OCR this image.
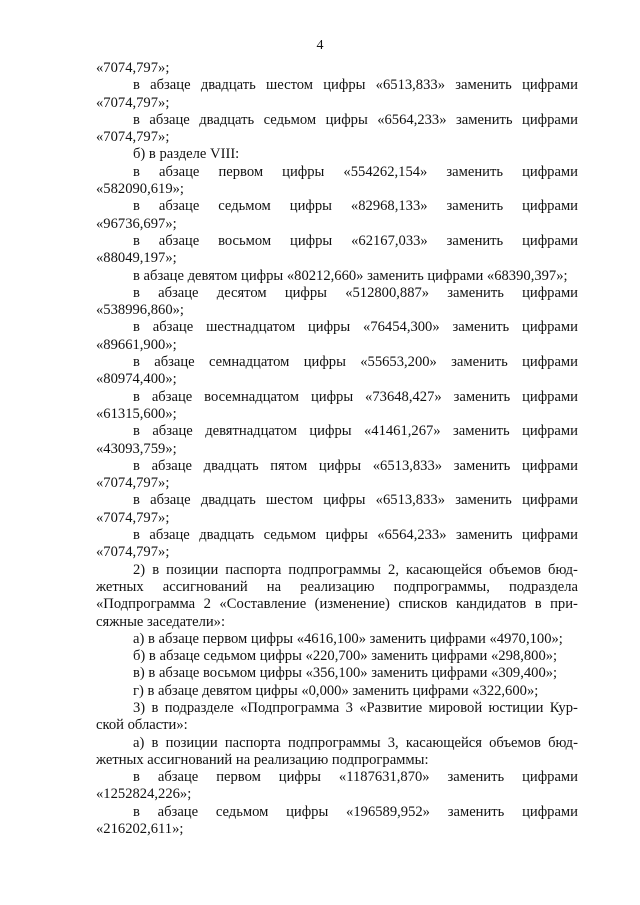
4
«7074,797»;
в абзаце двадцать шестом цифры «6513,833» заменить цифрами
«7074,797»;
в абзаце двадцать седьмом цифры «6564,233» заменить цифрами
«7074,797»;
б) в разделе VIII:
в абзаце первом цифры «554262,154» заменить цифрами
«582090,619»;
в абзаце седьмом цифры «82968,133» заменить цифрами
«96736,697»;
в абзаце восьмом цифры «62167,033» заменить цифрами
«88049,197»;
в абзаце девятом цифры «80212,660» заменить цифрами «68390,397»;
в абзаце десятом цифры «512800,887» заменить цифрами
«538996,860»;
в абзаце шестнадцатом цифры «76454,300» заменить цифрами
«89661,900»;
в абзаце семнадцатом цифры «55653,200» заменить цифрами
«80974,400»;
в абзаце восемнадцатом цифры «73648,427» заменить цифрами
«61315,600»;
в абзаце девятнадцатом цифры «41461,267» заменить цифрами
«43093,759»;
в абзаце двадцать пятом цифры «6513,833» заменить цифрами
«7074,797»;
в абзаце двадцать шестом цифры «6513,833» заменить цифрами
«7074,797»;
в абзаце двадцать седьмом цифры «6564,233» заменить цифрами
«7074,797»;
2) в позиции паспорта подпрограммы 2, касающейся объемов бюд-
жетных ассигнований на реализацию подпрограммы, подраздела
«Подпрограмма 2 «Составление (изменение) списков кандидатов в при-
сяжные заседатели»:
а) в абзаце первом цифры «4616,100» заменить цифрами «4970,100»;
б) в абзаце седьмом цифры «220,700» заменить цифрами «298,800»;
в) в абзаце восьмом цифры «356,100» заменить цифрами «309,400»;
г) в абзаце девятом цифры «0,000» заменить цифрами «322,600»;
3) в подразделе «Подпрограмма 3 «Развитие мировой юстиции Кур-
ской области»:
а) в позиции паспорта подпрограммы 3, касающейся объемов бюд-
жетных ассигнований на реализацию подпрограммы:
в абзаце первом цифры «1187631,870» заменить цифрами
«1252824,226»;
в абзаце седьмом цифры «196589,952» заменить цифрами
«216202,611»;
